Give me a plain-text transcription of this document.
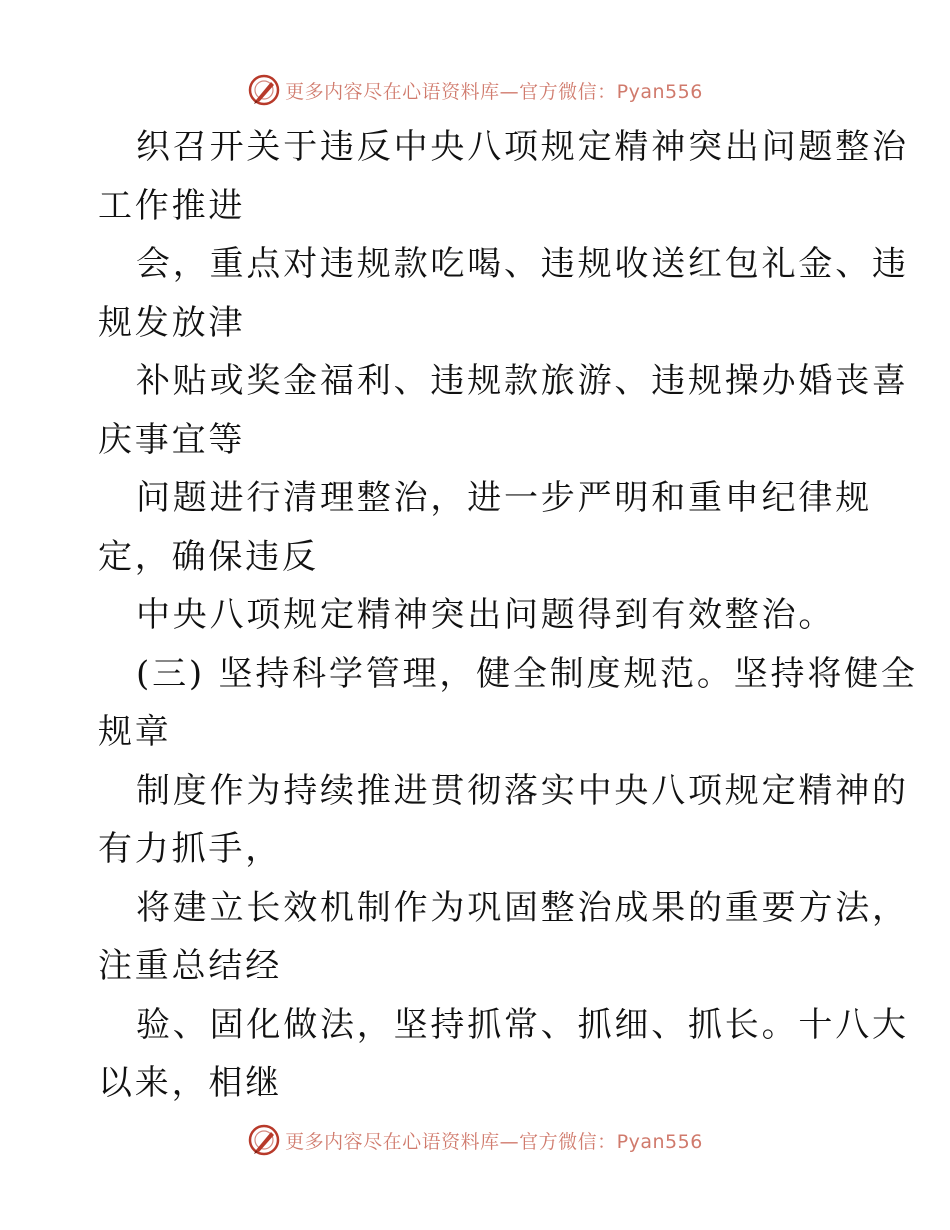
更多内容尽在心语资料库—官方微信：Pyan556
织召开关于违反中央八项规定精神突出问题整治
工作推进
会，重点对违规款吃喝、违规收送红包礼金、违
规发放津
补贴或奖金福利、违规款旅游、违规操办婚丧喜
庆事宜等
问题进行清理整治，进一步严明和重申纪律规
定，确保违反
中央八项规定精神突出问题得到有效整治。
(三) 坚持科学管理，健全制度规范。坚持将健全
规章
制度作为持续推进贯彻落实中央八项规定精神的
有力抓手，
将建立长效机制作为巩固整治成果的重要方法，
注重总结经
验、固化做法，坚持抓常、抓细、抓长。十八大
以来，相继
更多内容尽在心语资料库—官方微信：Pyan556
